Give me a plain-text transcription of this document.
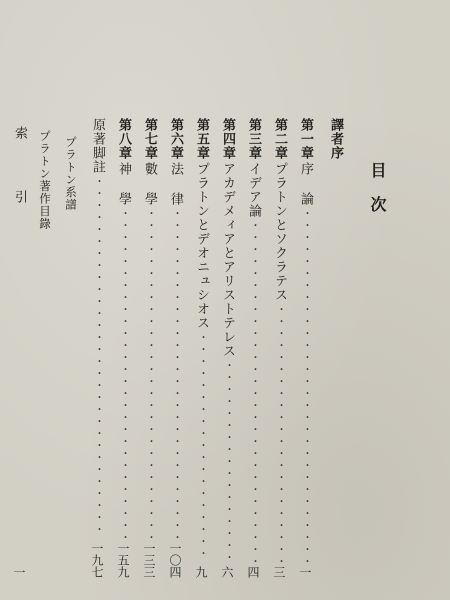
目次
譯者序
第一章
序 論
・・・・・・・・・・・・・・・・・・・・・・・・・・・・・・・・・・・・・・
一
第二章
プラトンとソクラテス
・・・・・・・・・・・・・・・・・・・・・・・・・・・・・・・・・・・・・・
三
第三章
イデア論
・・・・・・・・・・・・・・・・・・・・・・・・・・・・・・・・・・・・・・
四
第四章
アカデメィアとアリストテレス
・・・・・・・・・・・・・・・・・・・・・・・・・・・・・・・・・・・・・・
六
第五章
プラトンとデオニュシオス
・・・・・・・・・・・・・・・・・・・・・・・・・・・・・・・・・・・・・・
九
第六章
法 律
・・・・・・・・・・・・・・・・・・・・・・・・・・・・・・・・・・・・・・
一〇四
第七章
數 學
・・・・・・・・・・・・・・・・・・・・・・・・・・・・・・・・・・・・・・
一三三
第八章
神 學
・・・・・・・・・・・・・・・・・・・・・・・・・・・・・・・・・・・・・・
一五九
原著脚註
・・・・・・・・・・・・・・・・・・・・・・・・・・・・・・・・・・・・・・
一九七
プラトン系譜
プラトン著作目錄
索 引
一
